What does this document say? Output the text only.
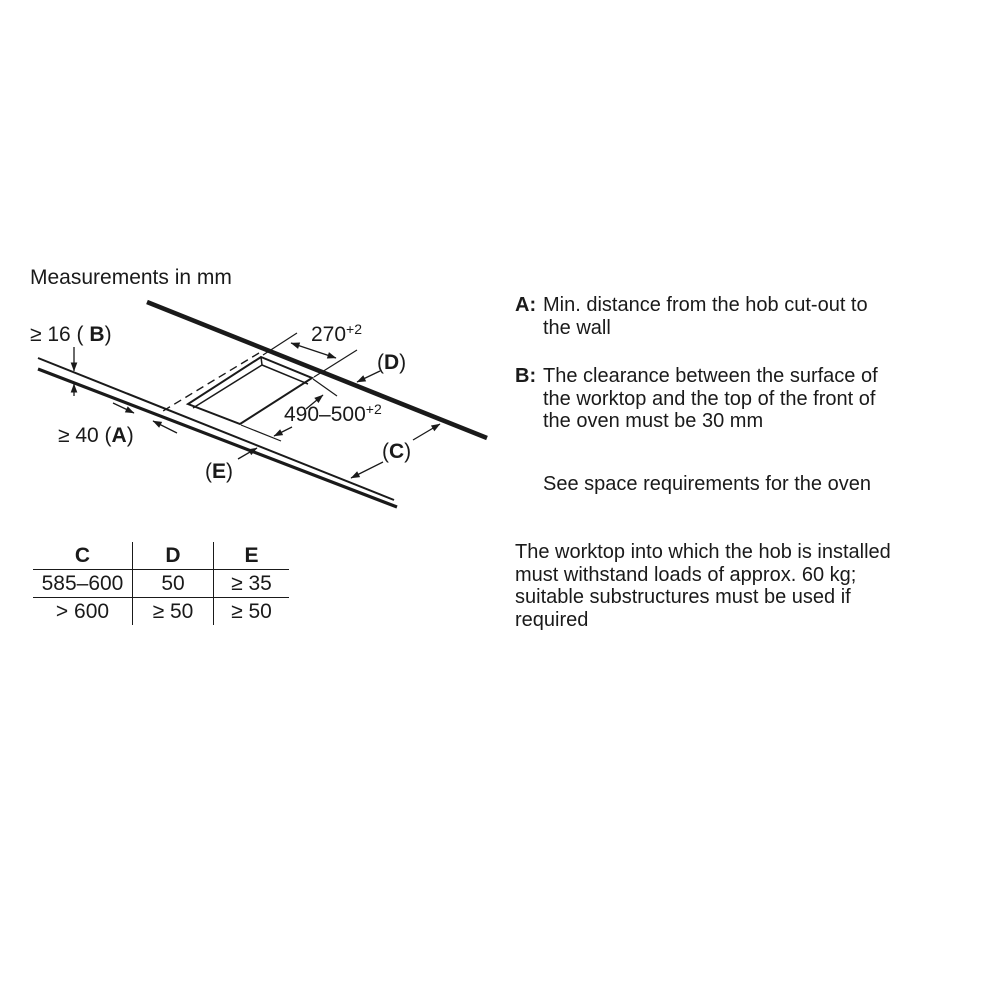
Measurements in mm
≥ 16 ( B)
≥ 40 (A)
$270^{+2}$
$490-500^{+2}$
(D)
(C)
(E)
C	D	E
585–600	50	≥ 35
> 600	≥ 50	≥ 50
A: Min. distance from the hob cut-out to
the wall
B: The clearance between the surface of
the worktop and the top of the front of
the oven must be 30 mm
See space requirements for the oven
The worktop into which the hob is installed
must withstand loads of approx. 60 kg;
suitable substructures must be used if
required
